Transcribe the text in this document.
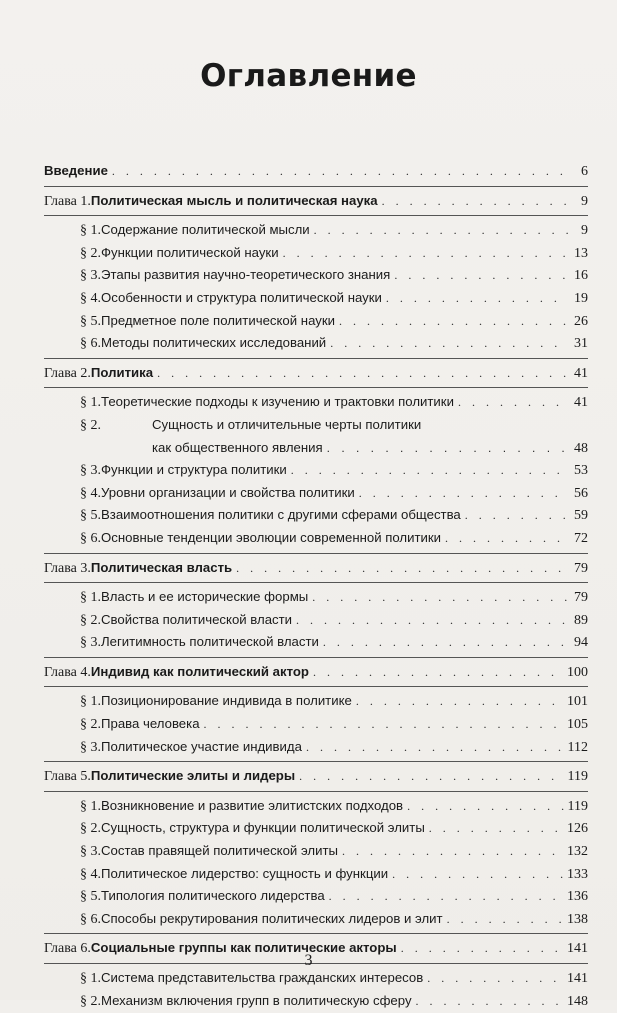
Оглавление
Введение . . .	6
Глава 1. Политическая мысль и политическая наука . . .	9
§ 1. Содержание политической мысли . . .	9
§ 2. Функции политической науки . . .	13
§ 3. Этапы развития научно-теоретического знания . . .	16
§ 4. Особенности и структура политической науки . . .	19
§ 5. Предметное поле политической науки . . .	26
§ 6. Методы политических исследований . . .	31
Глава 2. Политика . . .	41
§ 1. Теоретические подходы к изучению и трактовки политики . . .	41
§ 2.	Сущность и отличительные черты политики
как общественного явления . . .	48
§ 3. Функции и структура политики . . .	53
§ 4. Уровни организации и свойства политики . . .	56
§ 5. Взаимоотношения политики с другими сферами общества . . .	59
§ 6. Основные тенденции эволюции современной политики . . .	72
Глава 3. Политическая власть . . .	79
§ 1. Власть и ее исторические формы . . .	79
§ 2. Свойства политической власти . . .	89
§ 3. Легитимность политической власти . . .	94
Глава 4. Индивид как политический актор . . .	100
§ 1. Позиционирование индивида в политике . . .	101
§ 2. Права человека . . .	105
§ 3. Политическое участие индивида . . .	112
Глава 5. Политические элиты и лидеры . . .	119
§ 1. Возникновение и развитие элитистских подходов . . .	119
§ 2. Сущность, структура и функции политической элиты . . .	126
§ 3. Состав правящей политической элиты . . .	132
§ 4. Политическое лидерство: сущность и функции . . .	133
§ 5. Типология политического лидерства . . .	136
§ 6. Способы рекрутирования политических лидеров и элит . . .	138
Глава 6. Социальные группы как политические акторы . . .	141
§ 1. Система представительства гражданских интересов . . .	141
§ 2. Механизм включения групп в политическую сферу . . .	148
3
